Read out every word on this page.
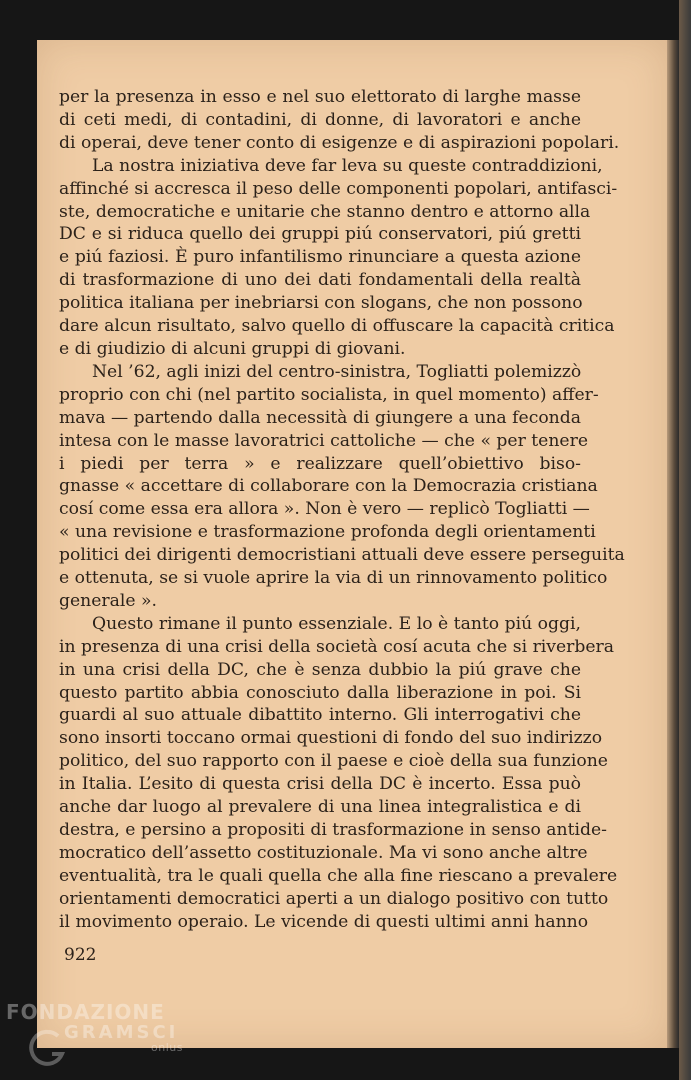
per la presenza in esso e nel suo elettorato di larghe masse
di ceti medi, di contadini, di donne, di lavoratori e anche
di operai, deve tener conto di esigenze e di aspirazioni popolari.

La nostra iniziativa deve far leva su queste contraddizioni,
affinché si accresca il peso delle componenti popolari, antifasci-
ste, democratiche e unitarie che stanno dentro e attorno alla
DC e si riduca quello dei gruppi piú conservatori, piú gretti
e piú faziosi. È puro infantilismo rinunciare a questa azione
di trasformazione di uno dei dati fondamentali della realtà
politica italiana per inebriarsi con slogans, che non possono
dare alcun risultato, salvo quello di offuscare la capacità critica
e di giudizio di alcuni gruppi di giovani.

Nel ’62, agli inizi del centro-sinistra, Togliatti polemizzò
proprio con chi (nel partito socialista, in quel momento) affer-
mava — partendo dalla necessità di giungere a una feconda
intesa con le masse lavoratrici cattoliche — che « per tenere
i piedi per terra » e realizzare quell’obiettivo biso-
gnasse « accettare di collaborare con la Democrazia cristiana
cosí come essa era allora ». Non è vero — replicò Togliatti —
« una revisione e trasformazione profonda degli orientamenti
politici dei dirigenti democristiani attuali deve essere perseguita
e ottenuta, se si vuole aprire la via di un rinnovamento politico
generale ».

Questo rimane il punto essenziale. E lo è tanto piú oggi,
in presenza di una crisi della società cosí acuta che si riverbera
in una crisi della DC, che è senza dubbio la piú grave che
questo partito abbia conosciuto dalla liberazione in poi. Si
guardi al suo attuale dibattito interno. Gli interrogativi che
sono insorti toccano ormai questioni di fondo del suo indirizzo
politico, del suo rapporto con il paese e cioè della sua funzione
in Italia. L’esito di questa crisi della DC è incerto. Essa può
anche dar luogo al prevalere di una linea integralistica e di
destra, e persino a propositi di trasformazione in senso antide-
mocratico dell’assetto costituzionale. Ma vi sono anche altre
eventualità, tra le quali quella che alla fine riescano a prevalere
orientamenti democratici aperti a un dialogo positivo con tutto
il movimento operaio. Le vicende di questi ultimi anni hanno

922
FONDAZIONE
GRAMSCI
onlus
